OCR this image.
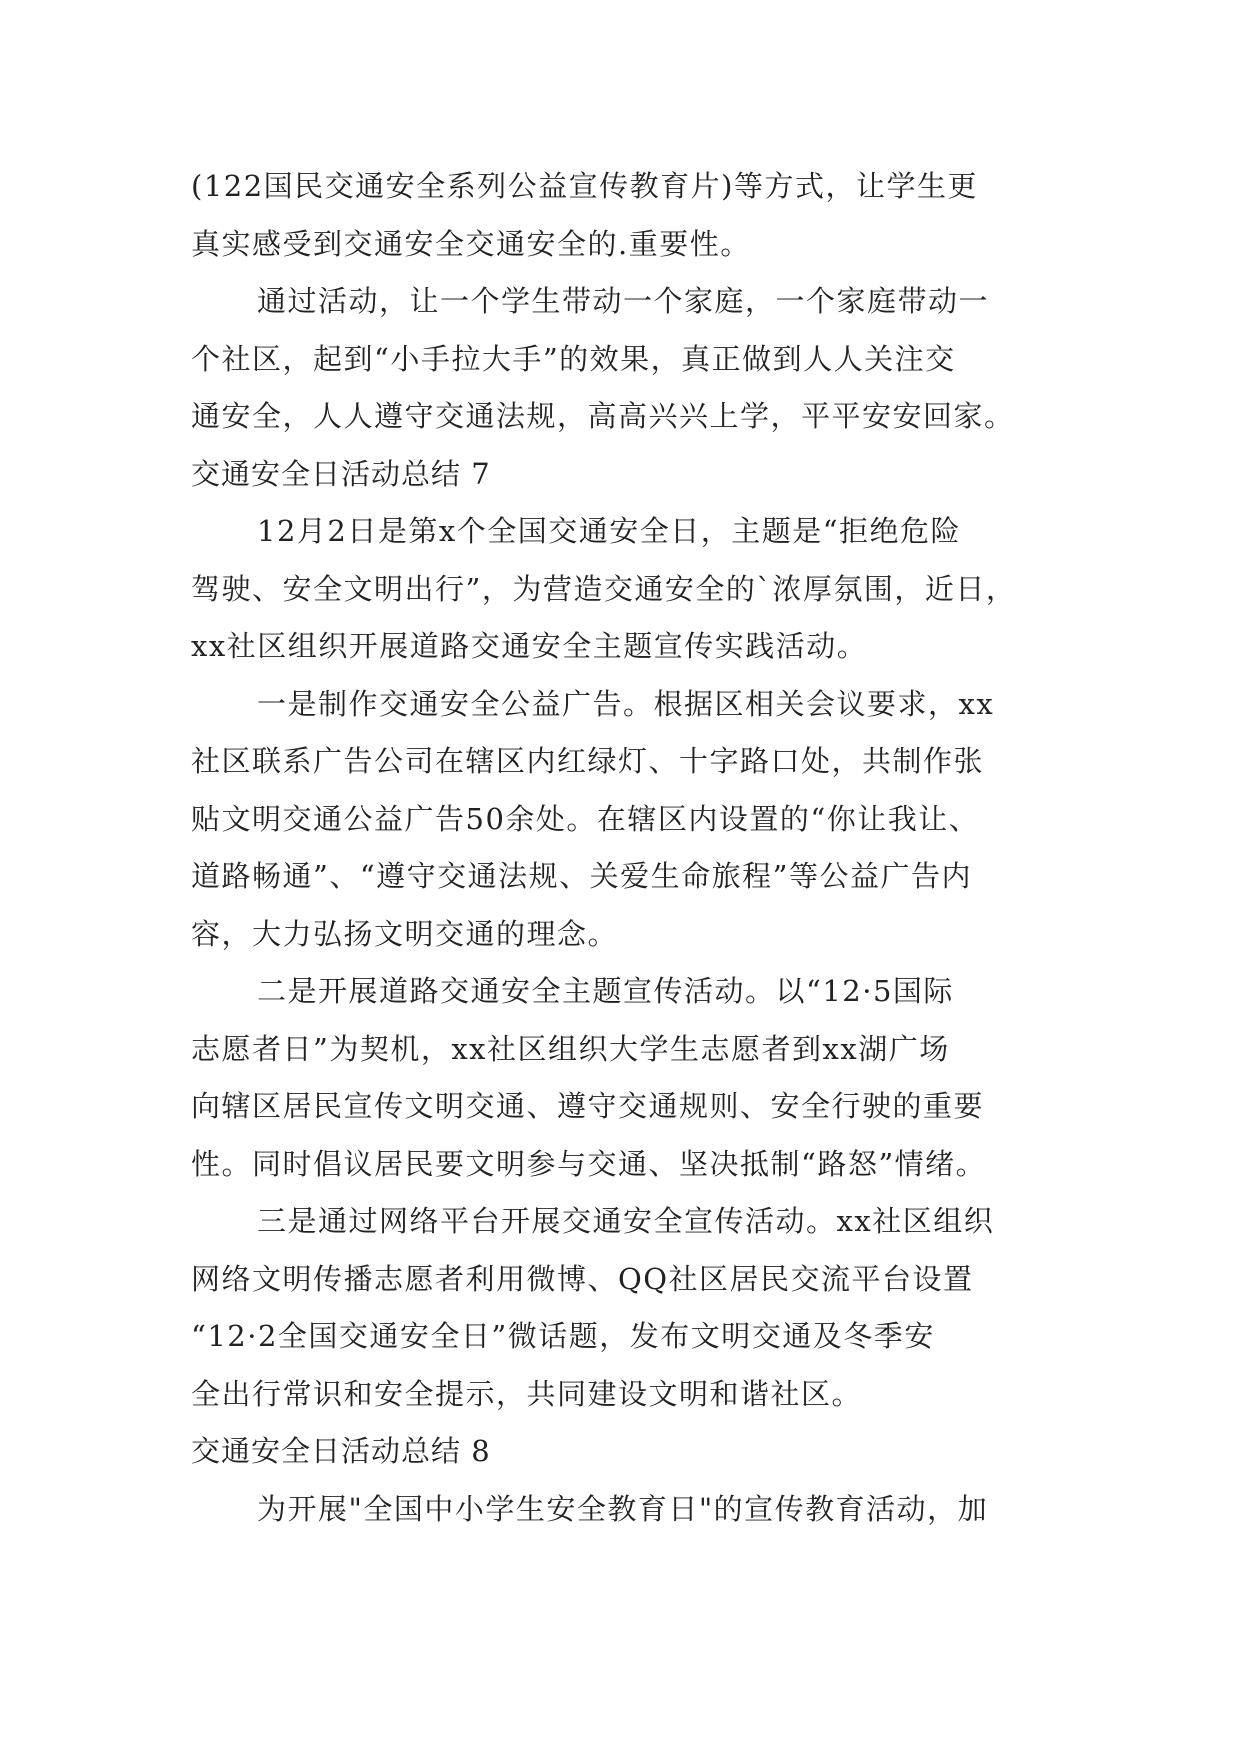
(122国民交通安全系列公益宣传教育片)等方式，让学生更
真实感受到交通安全交通安全的.重要性。
通过活动，让一个学生带动一个家庭，一个家庭带动一
个社区，起到“小手拉大手”的效果，真正做到人人关注交
通安全，人人遵守交通法规，高高兴兴上学，平平安安回家。
交通安全日活动总结 7
12月2日是第x个全国交通安全日，主题是“拒绝危险
驾驶、安全文明出行”，为营造交通安全的`浓厚氛围，近日，
xx社区组织开展道路交通安全主题宣传实践活动。
一是制作交通安全公益广告。根据区相关会议要求，xx
社区联系广告公司在辖区内红绿灯、十字路口处，共制作张
贴文明交通公益广告50余处。在辖区内设置的“你让我让、
道路畅通”、“遵守交通法规、关爱生命旅程”等公益广告内
容，大力弘扬文明交通的理念。
二是开展道路交通安全主题宣传活动。以“12·5国际
志愿者日”为契机，xx社区组织大学生志愿者到xx湖广场
向辖区居民宣传文明交通、遵守交通规则、安全行驶的重要
性。同时倡议居民要文明参与交通、坚决抵制“路怒”情绪。
三是通过网络平台开展交通安全宣传活动。xx社区组织
网络文明传播志愿者利用微博、QQ社区居民交流平台设置
“12·2全国交通安全日”微话题，发布文明交通及冬季安
全出行常识和安全提示，共同建设文明和谐社区。
交通安全日活动总结 8
为开展"全国中小学生安全教育日"的宣传教育活动，加
